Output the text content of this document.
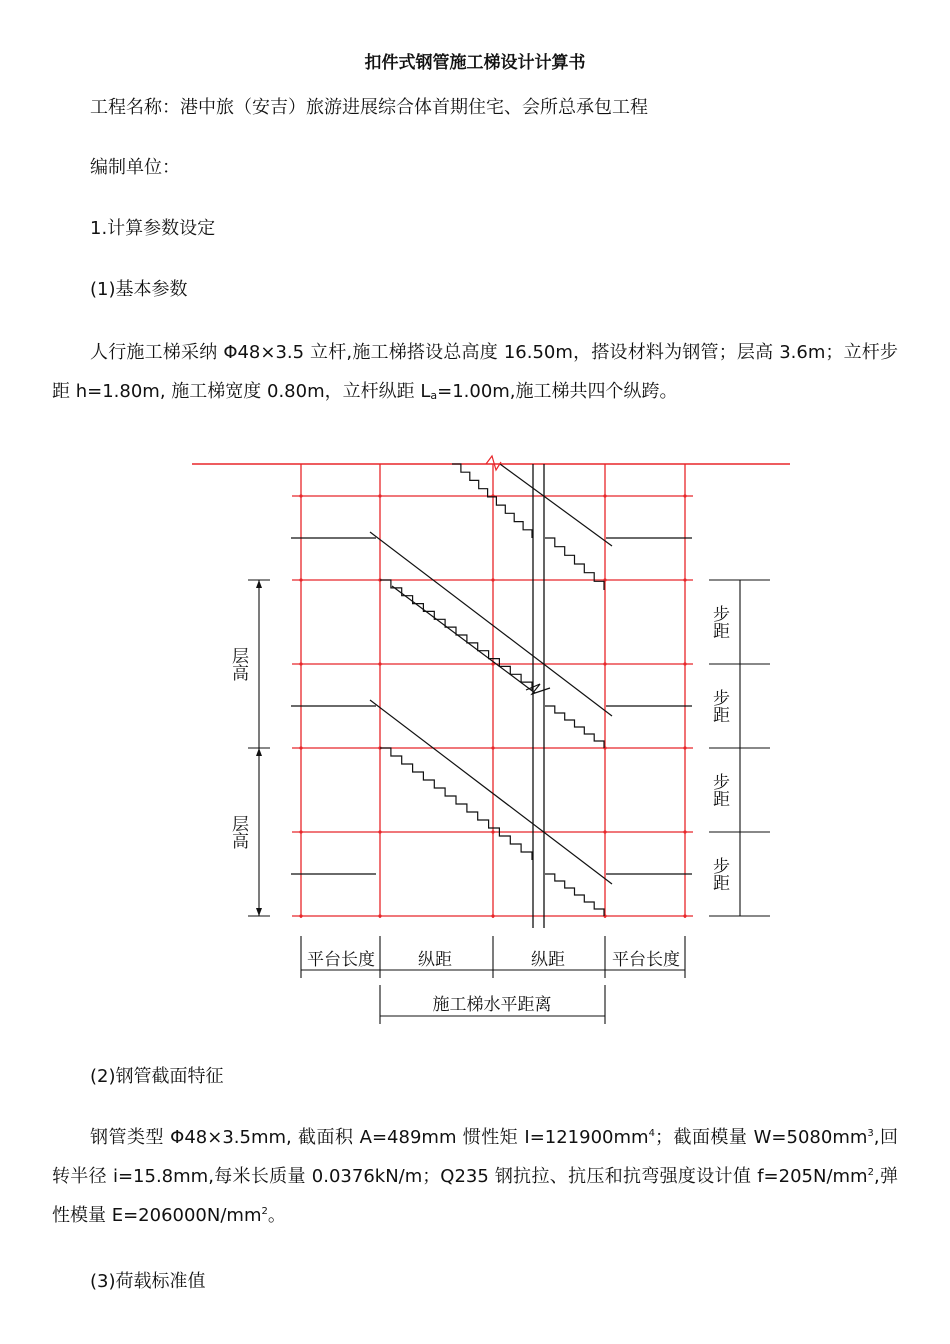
扣件式钢管施工梯设计计算书

工程名称：港中旅（安吉）旅游进展综合体首期住宅、会所总承包工程

编制单位：

1.计算参数设定

(1)基本参数

人行施工梯采纳 Φ48×3.5 立杆,施工梯搭设总高度 16.50m，搭设材料为钢管；层高 3.6m；立杆步距 h=1.80m, 施工梯宽度 0.80m，立杆纵距 La=1.00m,施工梯共四个纵跨。

平台长度	纵距	纵距	平台长度
施工梯水平距离
层高
层高
步距
步距
步距
步距

(2)钢管截面特征

钢管类型 Φ48×3.5mm, 截面积 A=489mm 惯性矩 $I=121900mm^4$；截面模量 $W=5080mm^3$,回转半径 i=15.8mm,每米长质量 0.0376kN/m；Q235 钢抗拉、抗压和抗弯强度设计值 $f=205N/mm^2$,弹性模量 $E=206000N/mm^2$。

(3)荷载标准值
